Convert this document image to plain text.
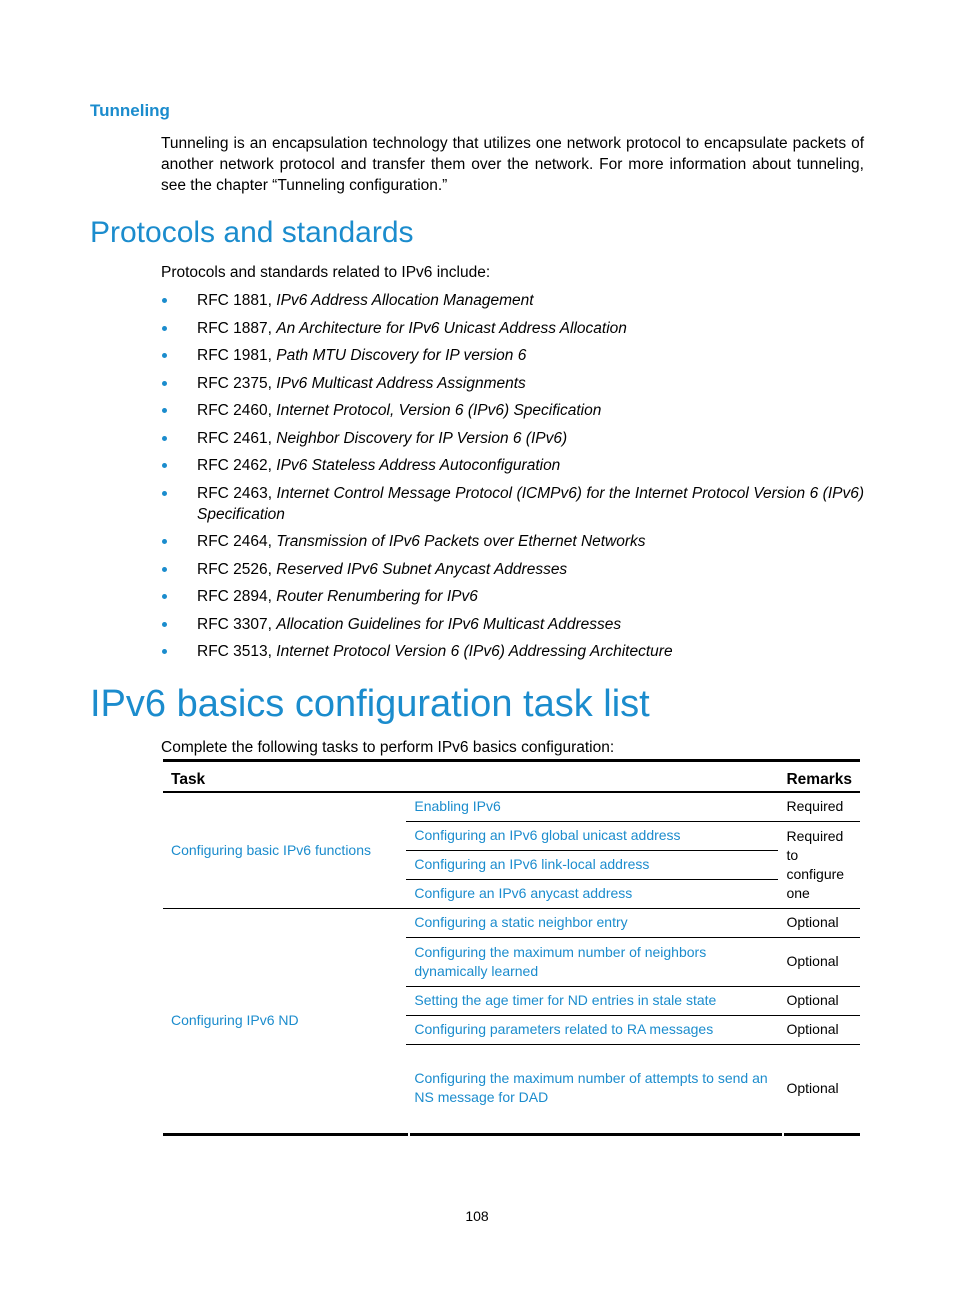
Tunneling
Tunneling is an encapsulation technology that utilizes one network protocol to encapsulate packets of another network protocol and transfer them over the network. For more information about tunneling, see the chapter “Tunneling configuration.”
Protocols and standards
Protocols and standards related to IPv6 include:
RFC 1881, IPv6 Address Allocation Management
RFC 1887, An Architecture for IPv6 Unicast Address Allocation
RFC 1981, Path MTU Discovery for IP version 6
RFC 2375, IPv6 Multicast Address Assignments
RFC 2460, Internet Protocol, Version 6 (IPv6) Specification
RFC 2461, Neighbor Discovery for IP Version 6 (IPv6)
RFC 2462, IPv6 Stateless Address Autoconfiguration
RFC 2463, Internet Control Message Protocol (ICMPv6) for the Internet Protocol Version 6 (IPv6) Specification
RFC 2464, Transmission of IPv6 Packets over Ethernet Networks
RFC 2526, Reserved IPv6 Subnet Anycast Addresses
RFC 2894, Router Renumbering for IPv6
RFC 3307, Allocation Guidelines for IPv6 Multicast Addresses
RFC 3513, Internet Protocol Version 6 (IPv6) Addressing Architecture
IPv6 basics configuration task list
Complete the following tasks to perform IPv6 basics configuration:
Task		Remarks
Configuring basic IPv6 functions	Enabling IPv6	Required
	Configuring an IPv6 global unicast address	Required to configure one
	Configuring an IPv6 link-local address	
	Configure an IPv6 anycast address	
Configuring IPv6 ND	Configuring a static neighbor entry	Optional
	Configuring the maximum number of neighbors dynamically learned	Optional
	Setting the age timer for ND entries in stale state	Optional
	Configuring parameters related to RA messages	Optional
	Configuring the maximum number of attempts to send an NS message for DAD	Optional
108
